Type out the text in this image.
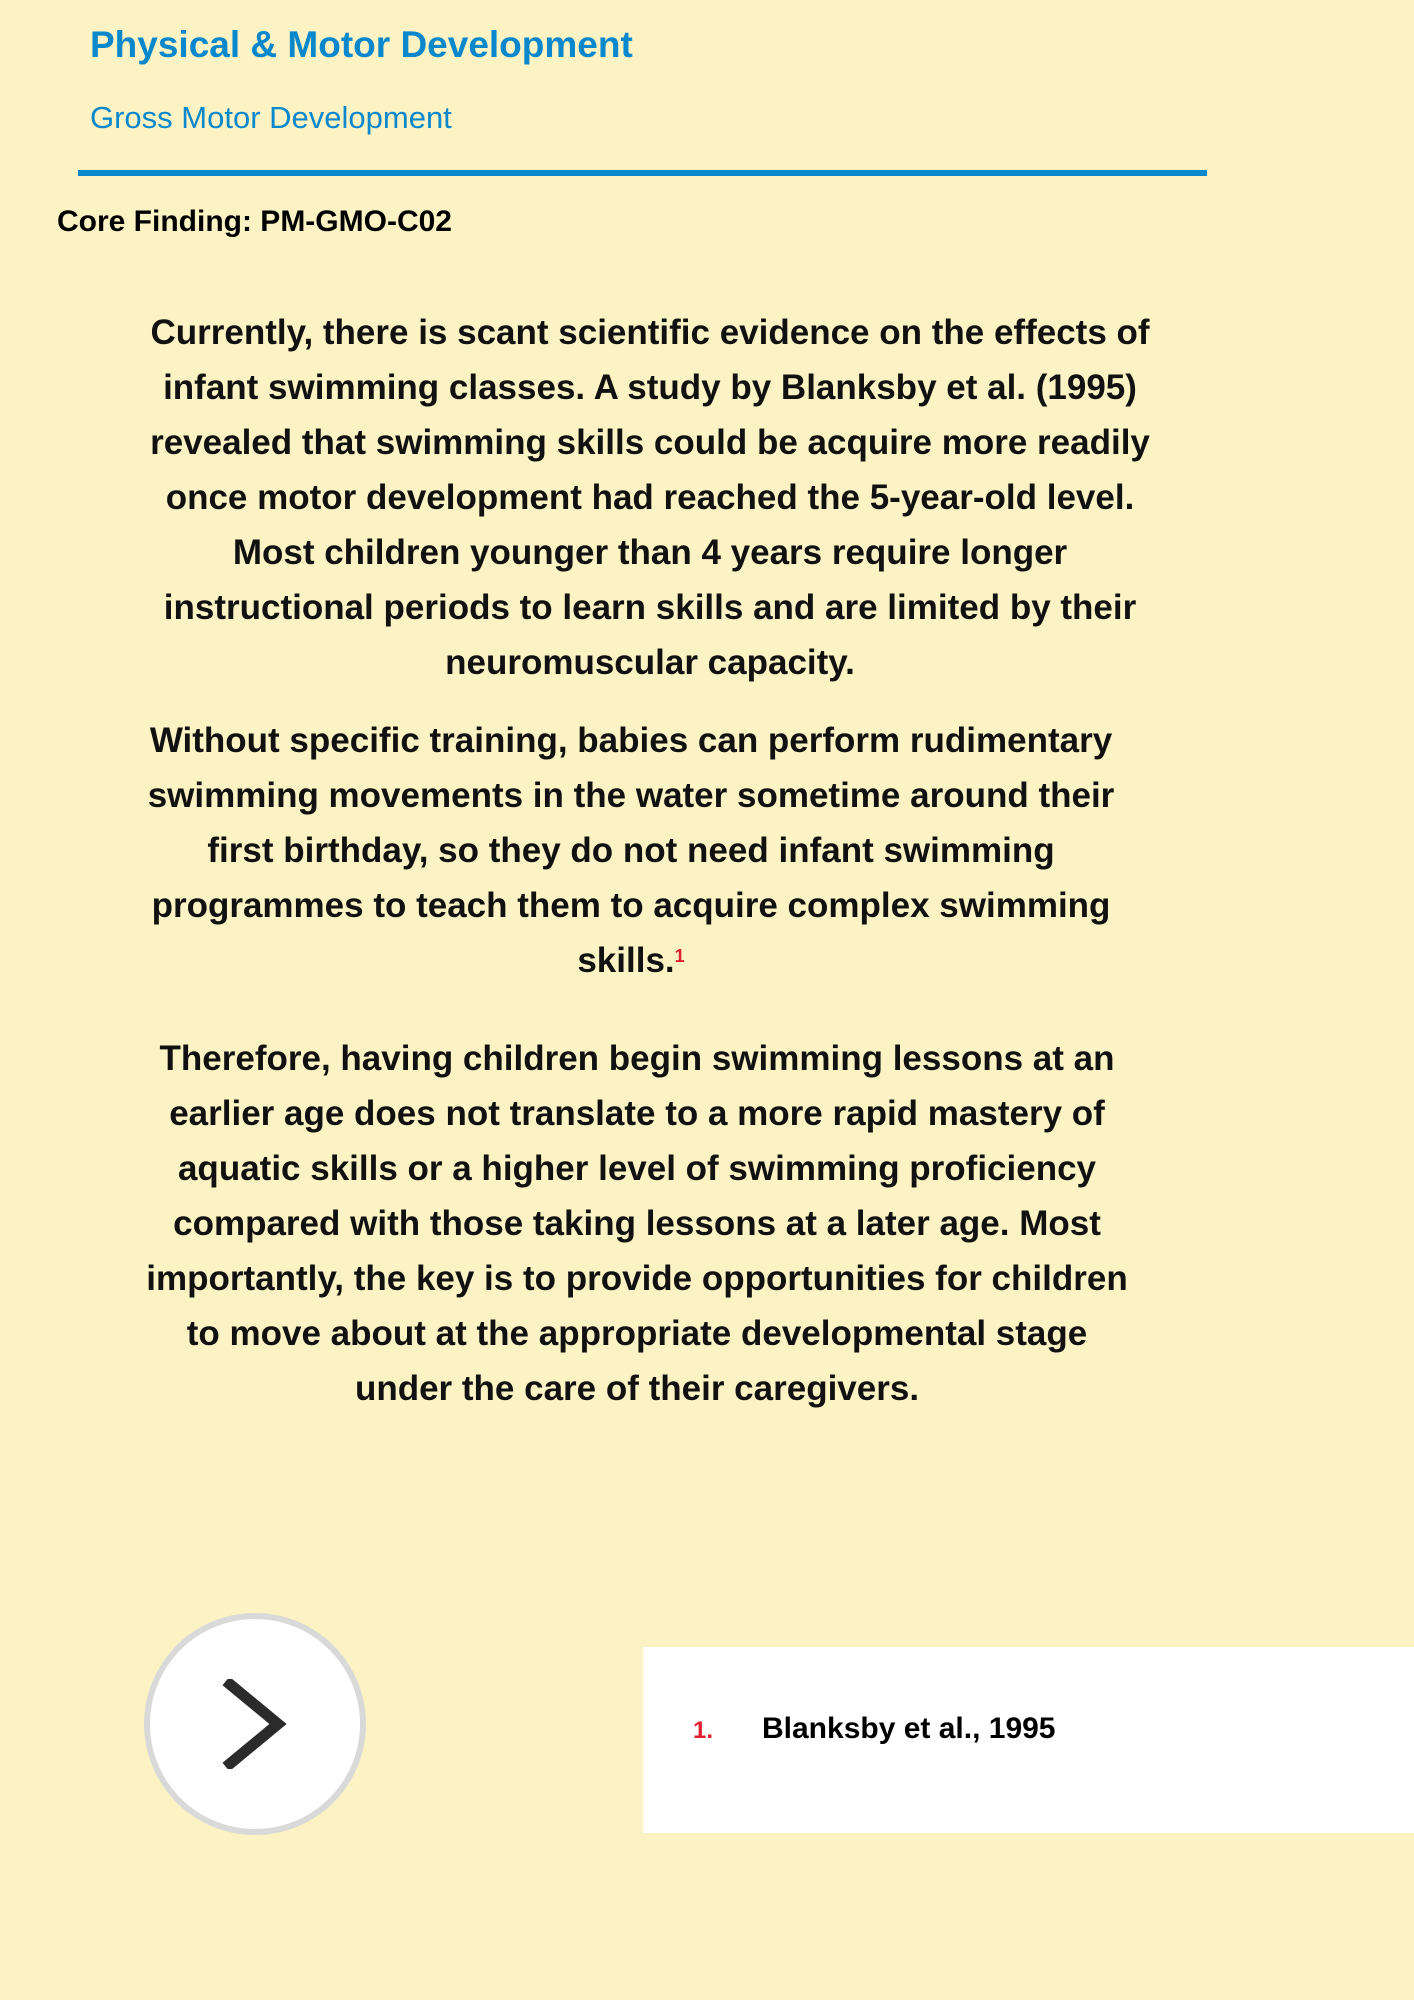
Physical & Motor Development
Gross Motor Development
Core Finding: PM-GMO-C02
Currently, there is scant scientific evidence on the effects of
infant swimming classes. A study by Blanksby et al. (1995)
revealed that swimming skills could be acquire more readily
once motor development had reached the 5-year-old level.
Most children younger than 4 years require longer
instructional periods to learn skills and are limited by their
neuromuscular capacity.
Without specific training, babies can perform rudimentary
swimming movements in the water sometime around their
first birthday, so they do not need infant swimming
programmes to teach them to acquire complex swimming
skills.$^1$
Therefore, having children begin swimming lessons at an
earlier age does not translate to a more rapid mastery of
aquatic skills or a higher level of swimming proficiency
compared with those taking lessons at a later age. Most
importantly, the key is to provide opportunities for children
to move about at the appropriate developmental stage
under the care of their caregivers.
1. Blanksby et al., 1995
